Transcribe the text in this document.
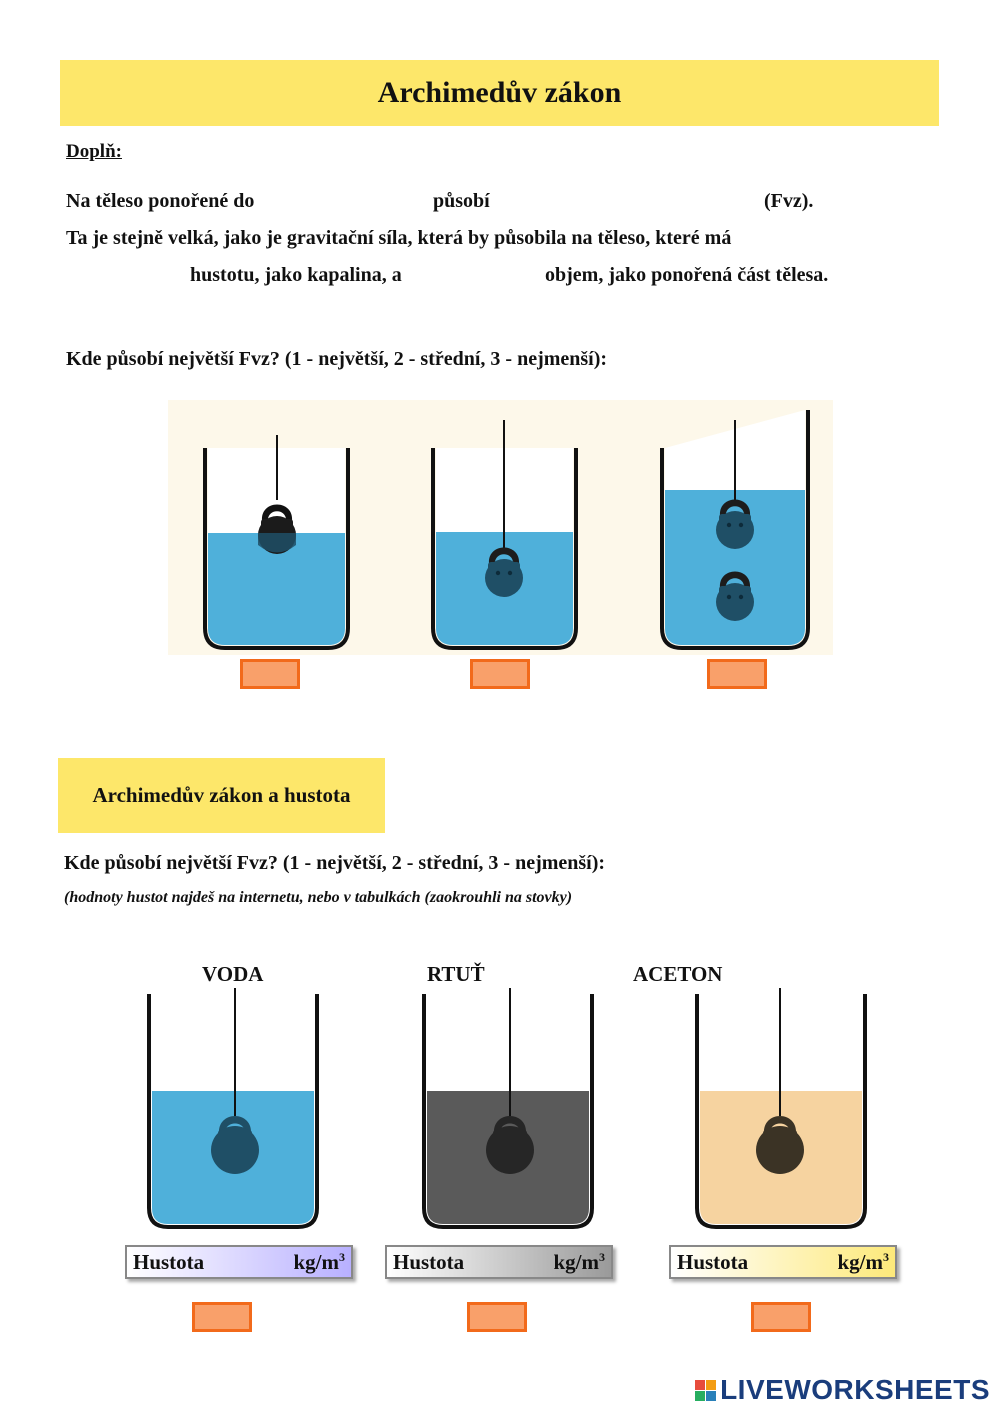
Archimedův zákon
Doplň:
Na těleso ponořené do	působí	(Fvz).
Ta je stejně velká, jako je gravitační síla, která by působila na těleso, které má
hustotu, jako kapalina, a	objem, jako ponořená část tělesa.
Kde působí největší Fvz? (1 - největší, 2 - střední, 3 - nejmenší):
Archimedův zákon a hustota
Kde působí největší Fvz? (1 - největší, 2 - střední, 3 - nejmenší):
(hodnoty hustot najdeš na internetu, nebo v tabulkách (zaokrouhli na stovky)
VODA	RTUŤ	ACETON
Hustota	$kg/m^3$ Hustota	$kg/m^3$	Hustota	$kg/m^3$
LIVEWORKSHEETS
